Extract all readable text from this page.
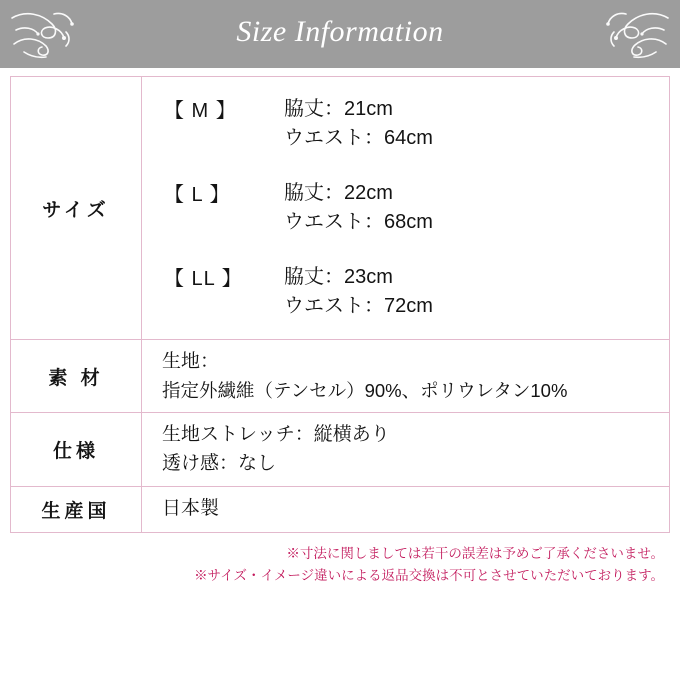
Size Information
サイズ	
【 M 】	脇丈：21cm
ウエスト：64cm
【 L 】	脇丈：22cm
ウエスト：68cm
【 LL 】	脇丈：23cm
ウエスト：72cm

素 材	生地：
指定外繊維（テンセル）90%、ポリウレタン10%

仕様	生地ストレッチ：縦横あり
透け感：なし

生産国	日本製
※寸法に関しましては若干の誤差は予めご了承くださいませ。
※サイズ・イメージ違いによる返品交換は不可とさせていただいております。
